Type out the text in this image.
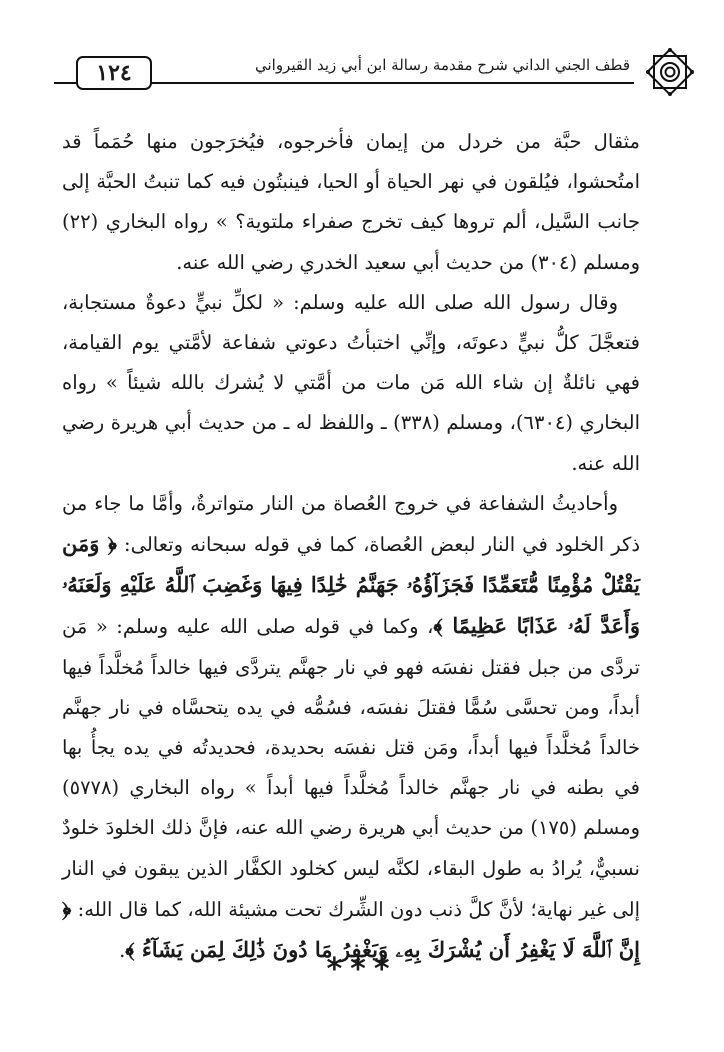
١٢٤	قطف الجني الداني شرح مقدمة رسالة ابن أبي زيد القيرواني

مثقال حبَّة من خردل من إيمان فأخرجوه، فيُخرَجون منها حُمَماً قد امتُحشوا، فيُلقون في نهر الحياة أو الحيا، فينبتُون فيه كما تنبتُ الحبَّة إلى جانب السَّيل، ألم تروها كيف تخرج صفراء ملتوية؟ » رواه البخاري (٢٢) ومسلم (٣٠٤) من حديث أبي سعيد الخدري رضي الله عنه.

وقال رسول الله صلى الله عليه وسلم: « لكلِّ نبيٍّ دعوةٌ مستجابة، فتعجَّلَ كلُّ نبيٍّ دعوتَه، وإنِّي اختبأتُ دعوتي شفاعة لأمَّتي يوم القيامة، فهي نائلةٌ إن شاء الله مَن مات من أمَّتي لا يُشرك بالله شيئاً » رواه البخاري (٦٣٠٤)، ومسلم (٣٣٨) ـ واللفظ له ـ من حديث أبي هريرة رضي الله عنه.

وأحاديثُ الشفاعة في خروج العُصاة من النار متواترةٌ، وأمَّا ما جاء من ذكر الخلود في النار لبعض العُصاة، كما في قوله سبحانه وتعالى: ﴿ وَمَن يَقْتُلْ مُؤْمِنًا مُّتَعَمِّدًا فَجَزَآؤُهُۥ جَهَنَّمُ خَٰلِدًا فِيهَا وَغَضِبَ ٱللَّهُ عَلَيْهِ وَلَعَنَهُۥ وَأَعَدَّ لَهُۥ عَذَابًا عَظِيمًا ﴾، وكما في قوله صلى الله عليه وسلم: « مَن تردَّى من جبل فقتل نفسَه فهو في نار جهنَّم يتردَّى فيها خالداً مُخلَّداً فيها أبداً، ومن تحسَّى سُمًّا فقتلَ نفسَه، فسُمُّه في يده يتحسَّاه في نار جهنَّم خالداً مُخلَّداً فيها أبداً، ومَن قتل نفسَه بحديدة، فحديدتُه في يده يجأُ بها في بطنه في نار جهنَّم خالداً مُخلَّداً فيها أبداً » رواه البخاري (٥٧٧٨) ومسلم (١٧٥) من حديث أبي هريرة رضي الله عنه، فإنَّ ذلك الخلودَ خلودٌ نسبيٌّ، يُرادُ به طول البقاء، لكنَّه ليس كخلود الكفَّار الذين يبقون في النار إلى غير نهاية؛ لأنَّ كلَّ ذنب دون الشِّرك تحت مشيئة الله، كما قال الله: ﴿ إِنَّ ٱللَّهَ لَا يَغْفِرُ أَن يُشْرَكَ بِهِۦ وَيَغْفِرُ مَا دُونَ ذَٰلِكَ لِمَن يَشَآءُ ﴾.

***
